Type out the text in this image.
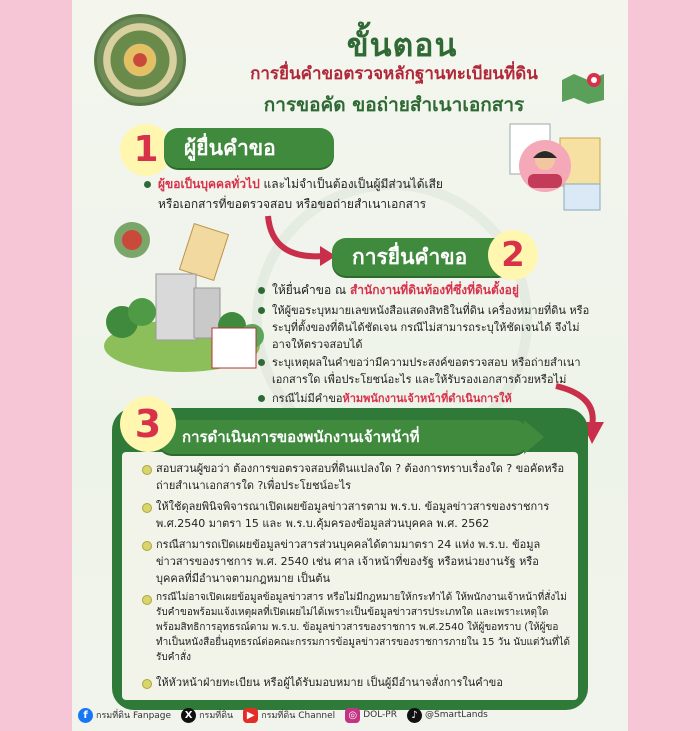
ขั้นตอน
การยื่นคำขอตรวจหลักฐานทะเบียนที่ดิน
การขอคัด ขอถ่ายสำเนาเอกสาร
1	ผู้ยื่นคำขอ
ผู้ขอเป็นบุคคลทั่วไป และไม่จำเป็นต้องเป็นผู้มีส่วนได้เสีย
หรือเอกสารที่ขอตรวจสอบ หรือขอถ่ายสำเนาเอกสาร
การยื่นคำขอ 2
ให้ยื่นคำขอ ณ สำนักงานที่ดินท้องที่ซึ่งที่ดินตั้งอยู่
ให้ผู้ขอระบุหมายเลขหนังสือแสดงสิทธิในที่ดิน เครื่องหมายที่ดิน หรือระบุที่ตั้งของที่ดินได้ชัดเจน กรณีไม่สามารถระบุให้ชัดเจนได้ จึงไม่อาจให้ตรวจสอบได้
ระบุเหตุผลในคำขอว่ามีความประสงค์ขอตรวจสอบ หรือถ่ายสำเนาเอกสารใด เพื่อประโยชน์อะไร และให้รับรองเอกสารด้วยหรือไม่
กรณีไม่มีคำขอห้ามพนักงานเจ้าหน้าที่ดำเนินการให้
การดำเนินการของพนักงานเจ้าหน้าที่
3
สอบสวนผู้ขอว่า ต้องการขอตรวจสอบที่ดินแปลงใด ? ต้องการทราบเรื่องใด ? ขอคัดหรือถ่ายสำเนาเอกสารใด ?เพื่อประโยชน์อะไร
ให้ใช้ดุลยพินิจพิจารณาเปิดเผยข้อมูลข่าวสารตาม พ.ร.บ. ข้อมูลข่าวสารของราชการ พ.ศ.2540 มาตรา 15 และ พ.ร.บ.คุ้มครองข้อมูลส่วนบุคคล พ.ศ. 2562
กรณีสามารถเปิดเผยข้อมูลข่าวสารส่วนบุคคลได้ตามมาตรา 24 แห่ง พ.ร.บ. ข้อมูลข่าวสารของราชการ พ.ศ. 2540 เช่น ศาล เจ้าหน้าที่ของรัฐ หรือหน่วยงานรัฐ หรือบุคคลที่มีอำนาจตามกฎหมาย เป็นต้น
กรณีไม่อาจเปิดเผยข้อมูลข้อมูลข่าวสาร หรือไม่มีกฎหมายให้กระทำได้ ให้พนักงานเจ้าหน้าที่สั่งไม่รับคำขอพร้อมแจ้งเหตุผลที่เปิดเผยไม่ได้เพราะเป็นข้อมูลข่าวสารประเภทใด และเพราะเหตุใด พร้อมสิทธิการอุทธรณ์ตาม พ.ร.บ. ข้อมูลข่าวสารของราชการ พ.ศ.2540 ให้ผู้ขอทราบ (ให้ผู้ขอทำเป็นหนังสือยื่นอุทธรณ์ต่อคณะกรรมการข้อมูลข่าวสารของราชการภายใน 15 วัน นับแต่วันที่ได้รับคำสั่ง
ให้หัวหน้าฝ่ายทะเบียน หรือผู้ได้รับมอบหมาย เป็นผู้มีอำนาจสั่งการในคำขอ
f กรมที่ดิน Fanpage	X กรมที่ดิน	▶ กรมที่ดิน Channel	◎ DOL-PR	♪ @SmartLands
